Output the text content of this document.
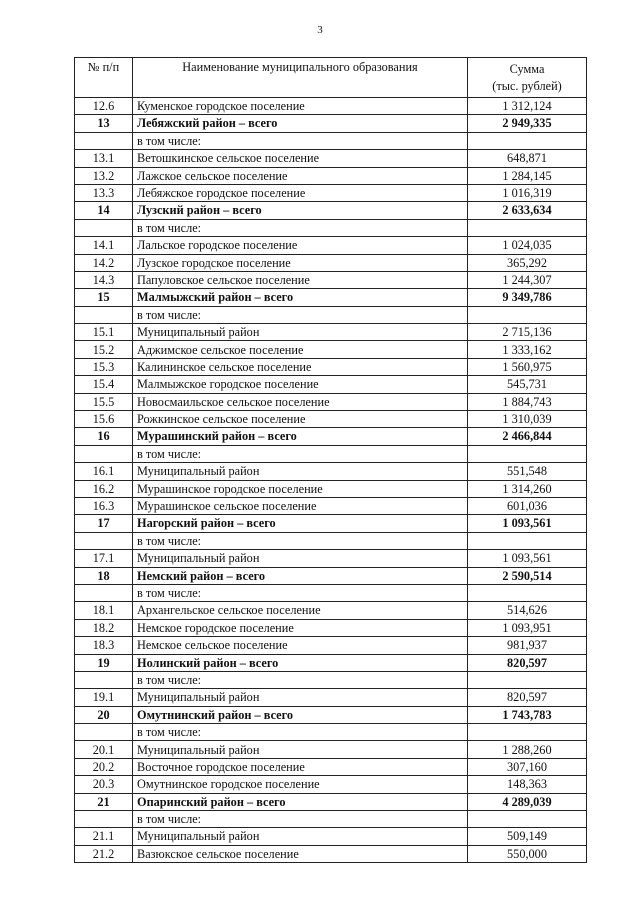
3
№ п/п	Наименование муниципального образования	Сумма
(тыс. рублей)

12.6	Куменское городское поселение	1 312,124
13	Лебяжский район – всего	2 949,335
	в том числе:	
13.1	Ветошкинское сельское поселение	648,871
13.2	Лажское сельское поселение	1 284,145
13.3	Лебяжское городское поселение	1 016,319
14	Лузский район – всего	2 633,634
	в том числе:	
14.1	Лальское городское поселение	1 024,035
14.2	Лузское городское поселение	365,292
14.3	Папуловское сельское поселение	1 244,307
15	Малмыжский район – всего	9 349,786
	в том числе:	
15.1	Муниципальный район	2 715,136
15.2	Аджимское сельское поселение	1 333,162
15.3	Калининское сельское поселение	1 560,975
15.4	Малмыжское городское поселение	545,731
15.5	Новосмаильское сельское поселение	1 884,743
15.6	Рожкинское сельское поселение	1 310,039
16	Мурашинский район – всего	2 466,844
	в том числе:	
16.1	Муниципальный район	551,548
16.2	Мурашинское городское поселение	1 314,260
16.3	Мурашинское сельское поселение	601,036
17	Нагорский район – всего	1 093,561
	в том числе:	
17.1	Муниципальный район	1 093,561
18	Немский район – всего	2 590,514
	в том числе:	
18.1	Архангельское сельское поселение	514,626
18.2	Немское городское поселение	1 093,951
18.3	Немское сельское поселение	981,937
19	Нолинский район – всего	820,597
	в том числе:	
19.1	Муниципальный район	820,597
20	Омутнинский район – всего	1 743,783
	в том числе:	
20.1	Муниципальный район	1 288,260
20.2	Восточное городское поселение	307,160
20.3	Омутнинское городское поселение	148,363
21	Опаринский район – всего	4 289,039
	в том числе:	
21.1	Муниципальный район	509,149
21.2	Вазюкское сельское поселение	550,000
